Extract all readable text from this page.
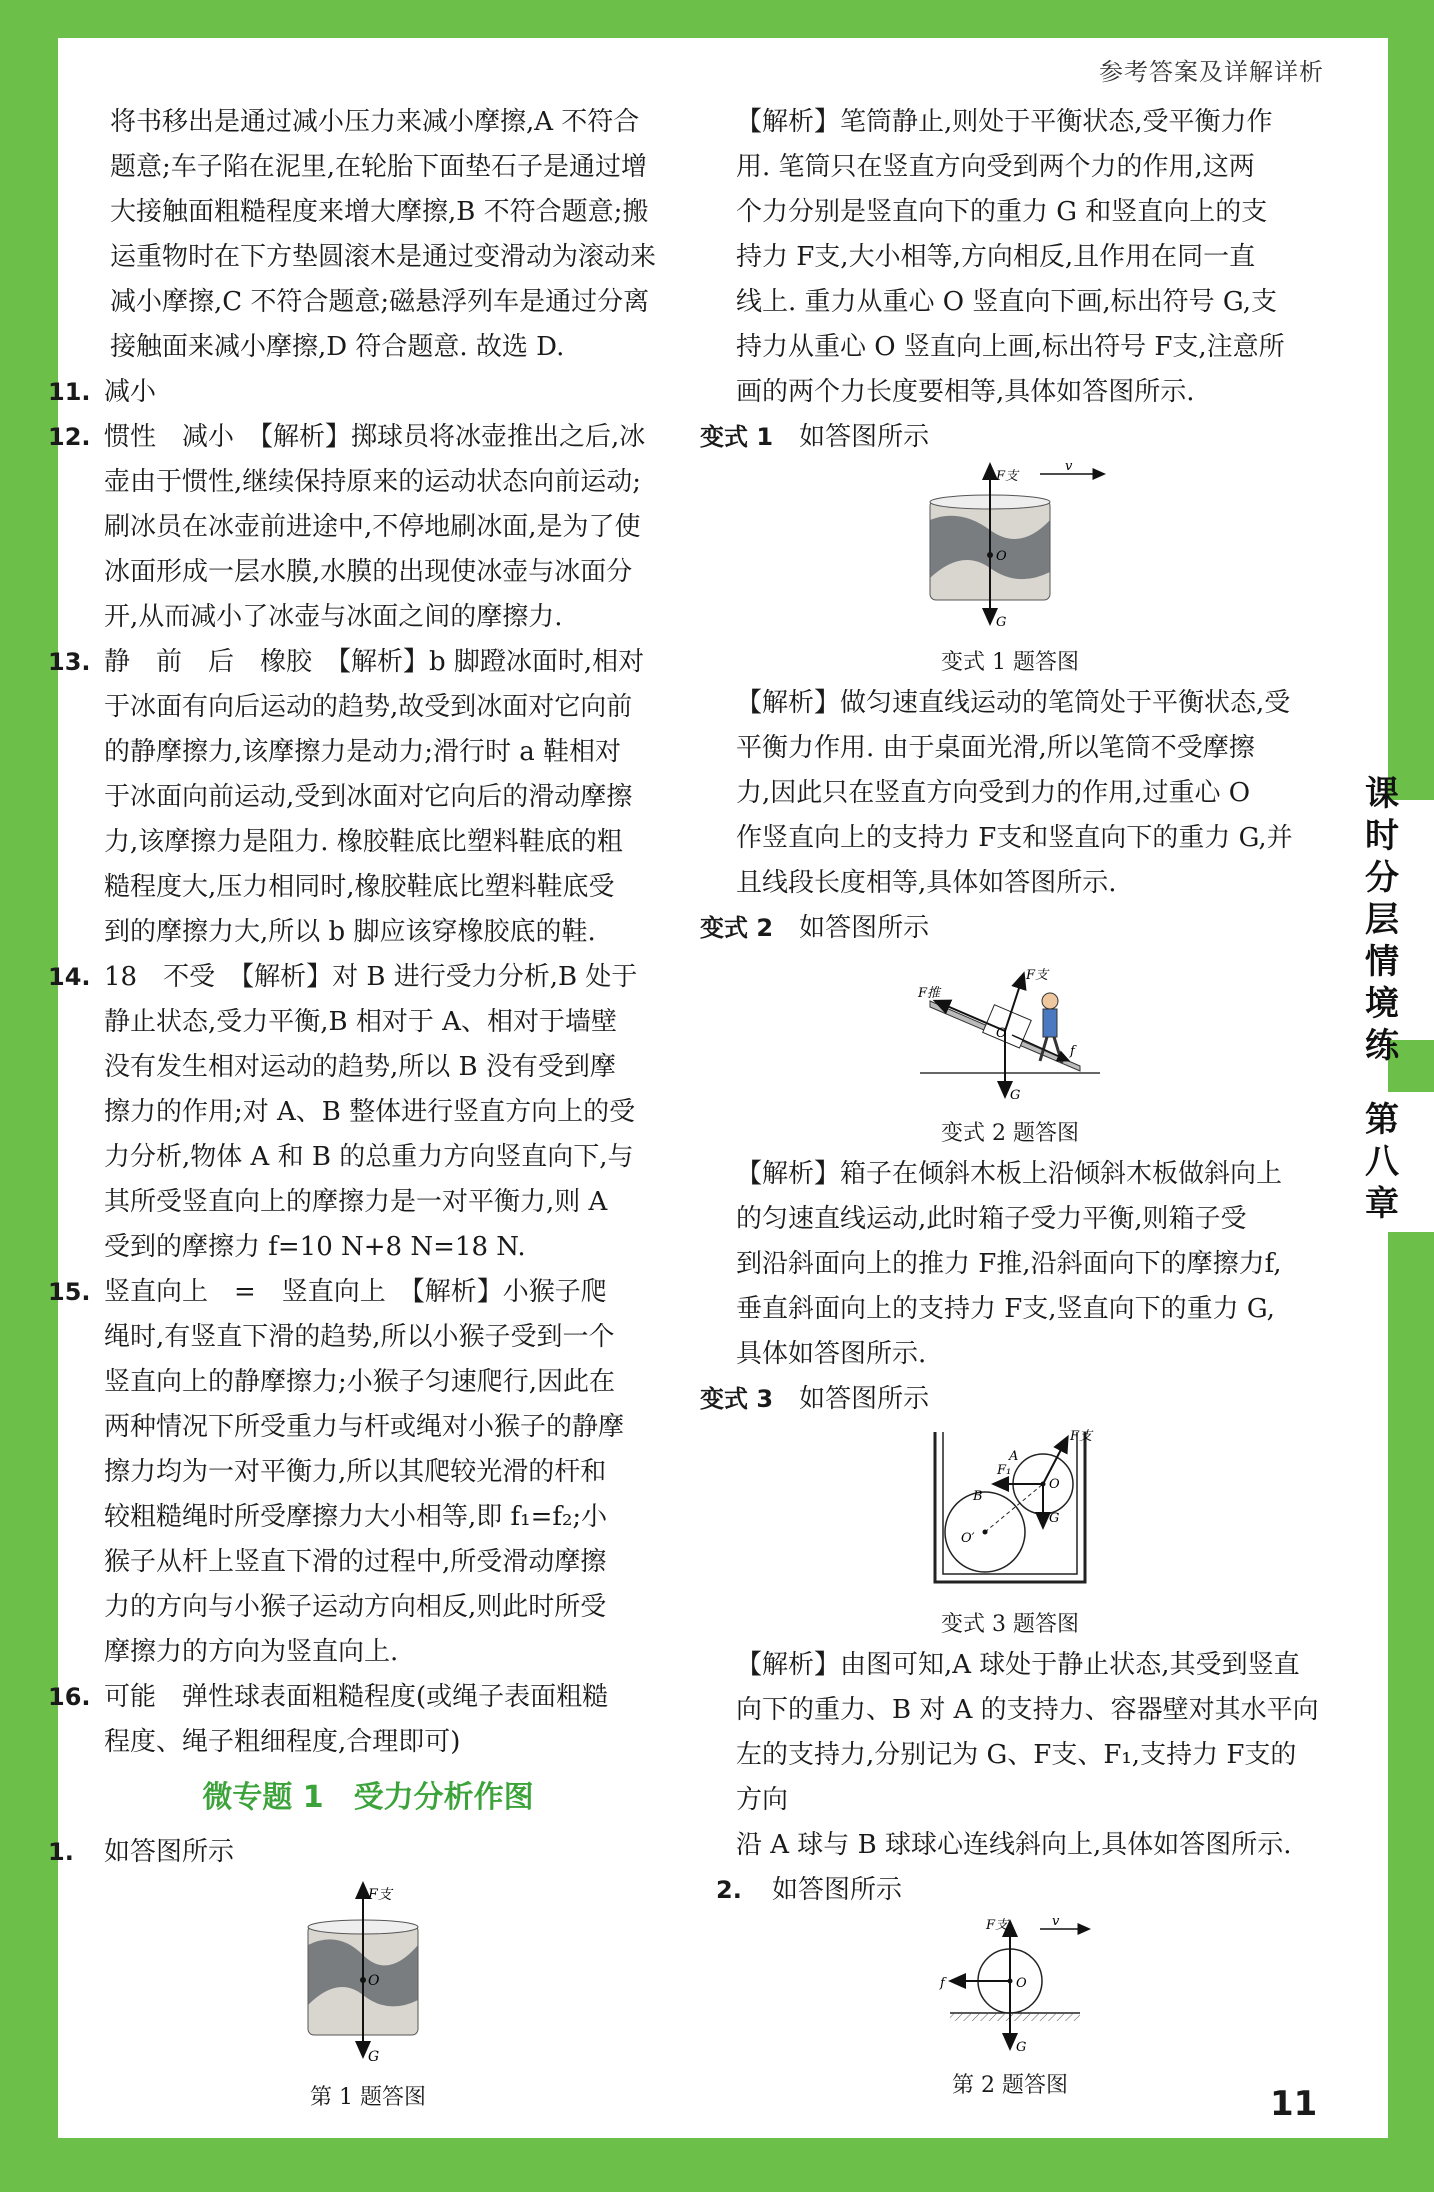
课
时
分
层
情
境
练
第
八
章
参考答案及详解详析
将书移出是通过减小压力来减小摩擦,A 不符合
题意;车子陷在泥里,在轮胎下面垫石子是通过增
大接触面粗糙程度来增大摩擦,B 不符合题意;搬
运重物时在下方垫圆滚木是通过变滑动为滚动来
减小摩擦,C 不符合题意;磁悬浮列车是通过分离
接触面来减小摩擦,D 符合题意. 故选 D.
11. 减小
12. 惯性　减小　【解析】掷球员将冰壶推出之后,冰
壶由于惯性,继续保持原来的运动状态向前运动;
刷冰员在冰壶前进途中,不停地刷冰面,是为了使
冰面形成一层水膜,水膜的出现使冰壶与冰面分
开,从而减小了冰壶与冰面之间的摩擦力.
13. 静　前　后　橡胶　【解析】b 脚蹬冰面时,相对
于冰面有向后运动的趋势,故受到冰面对它向前
的静摩擦力,该摩擦力是动力;滑行时 a 鞋相对
于冰面向前运动,受到冰面对它向后的滑动摩擦
力,该摩擦力是阻力. 橡胶鞋底比塑料鞋底的粗
糙程度大,压力相同时,橡胶鞋底比塑料鞋底受
到的摩擦力大,所以 b 脚应该穿橡胶底的鞋.
14. 18　不受　【解析】对 B 进行受力分析,B 处于
静止状态,受力平衡,B 相对于 A、相对于墙壁
没有发生相对运动的趋势,所以 B 没有受到摩
擦力的作用;对 A、B 整体进行竖直方向上的受
力分析,物体 A 和 B 的总重力方向竖直向下,与
其所受竖直向上的摩擦力是一对平衡力,则 A
受到的摩擦力 f=10 N+8 N=18 N.
15. 竖直向上　=　竖直向上　【解析】小猴子爬
绳时,有竖直下滑的趋势,所以小猴子受到一个
竖直向上的静摩擦力;小猴子匀速爬行,因此在
两种情况下所受重力与杆或绳对小猴子的静摩
擦力均为一对平衡力,所以其爬较光滑的杆和
较粗糙绳时所受摩擦力大小相等,即 f₁=f₂;小
猴子从杆上竖直下滑的过程中,所受滑动摩擦
力的方向与小猴子运动方向相反,则此时所受
摩擦力的方向为竖直向上.
16. 可能　弹性球表面粗糙程度(或绳子表面粗糙
程度、绳子粗细程度,合理即可)
微专题 1　受力分析作图
1. 如答图所示
F支
O
G
第 1 题答图
【解析】笔筒静止,则处于平衡状态,受平衡力作
用. 笔筒只在竖直方向受到两个力的作用,这两
个力分别是竖直向下的重力 G 和竖直向上的支
持力 F支,大小相等,方向相反,且作用在同一直
线上. 重力从重心 O 竖直向下画,标出符号 G,支
持力从重心 O 竖直向上画,标出符号 F支,注意所
画的两个力长度要相等,具体如答图所示.
变式 1　 如答图所示
F支
O
G
v
变式 1 题答图
【解析】做匀速直线运动的笔筒处于平衡状态,受
平衡力作用. 由于桌面光滑,所以笔筒不受摩擦
力,因此只在竖直方向受到力的作用,过重心 O
作竖直向上的支持力 F支和竖直向下的重力 G,并
且线段长度相等,具体如答图所示.
变式 2　 如答图所示
F推
F支
O
G
f
变式 2 题答图
【解析】箱子在倾斜木板上沿倾斜木板做斜向上
的匀速直线运动,此时箱子受力平衡,则箱子受
到沿斜面向上的推力 F推,沿斜面向下的摩擦力f,
垂直斜面向上的支持力 F支,竖直向下的重力 G,
具体如答图所示.
变式 3　 如答图所示
F支
F₁
A
B
O
G
O′
变式 3 题答图
【解析】由图可知,A 球处于静止状态,其受到竖直
向下的重力、B 对 A 的支持力、容器壁对其水平向
左的支持力,分别记为 G、F支、F₁,支持力 F支的方向
沿 A 球与 B 球球心连线斜向上,具体如答图所示.
2. 如答图所示
F支	v
f	O
G
第 2 题答图	11
